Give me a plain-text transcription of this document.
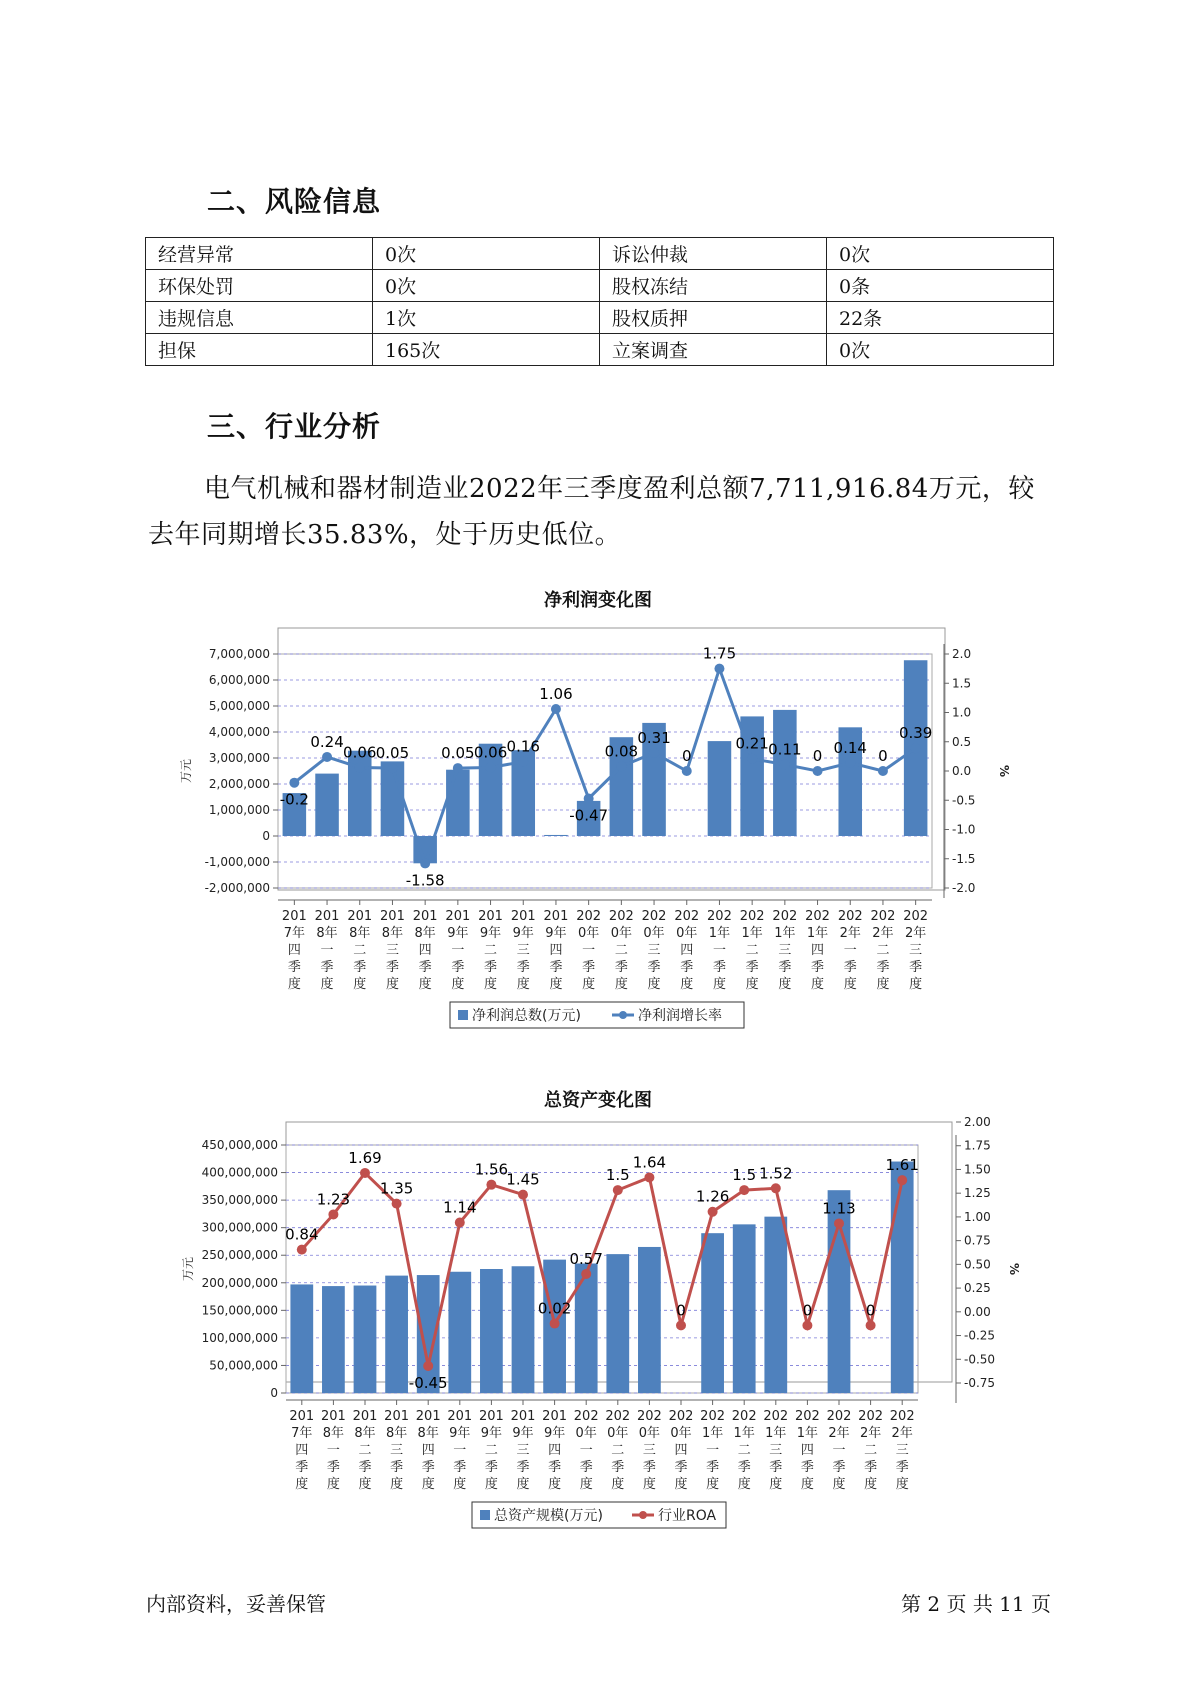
二、风险信息
经营异常	0次	诉讼仲裁	0次
环保处罚	0次	股权冻结	0条
违规信息	1次	股权质押	22条
担保	165次	立案调查	0次
三、行业分析
电气机械和器材制造业2022年三季度盈利总额7,711,916.84万元，较去年同期增长35.83%，处于历史低位。
净利润变化图
7,000,000
6,000,000
5,000,000
4,000,000
3,000,000
2,000,000
1,000,000
0
-1,000,000
-2,000,000
2.0
1.5
1.0
0.5
0.0
-0.5
-1.0
-1.5
-2.0
万元	%
201
7年
四
季
度
201
8年
一
季
度
201
8年
二
季
度
201
8年
三
季
度
201
8年
四
季
度
201
9年
一
季
度
201
9年
二
季
度
201
9年
三
季
度
201
9年
四
季
度
202
0年
一
季
度
202
0年
二
季
度
202
0年
三
季
度
202
0年
四
季
度
202
1年
一
季
度
202
1年
二
季
度
202
1年
三
季
度
202
1年
四
季
度
202
2年
一
季
度
202
2年
二
季
度
202
2年
三
季
度
-0.2
0.24
0.06 0.05
-1.58
0.05 0.06 0.16
1.06
-0.47
0.08
0.31
0
1.75
0.21 0.11 0 0.14 0
0.39
净利润总数(万元)	净利润增长率
总资产变化图
450,000,000
400,000,000
350,000,000
300,000,000
250,000,000
200,000,000
150,000,000
100,000,000
50,000,000
0
2.00
1.75
1.50
1.25
1.00
0.75
0.50
0.25
0.00
-0.25
-0.50
-0.75
万元	%
201
7年
四
季
度
201
8年
一
季
度
201
8年
二
季
度
201
8年
三
季
度
201
8年
四
季
度
201
9年
一
季
度
201
9年
二
季
度
201
9年
三
季
度
201
9年
四
季
度
202
0年
一
季
度
202
0年
二
季
度
202
0年
三
季
度
202
0年
四
季
度
202
1年
一
季
度
202
1年
二
季
度
202
1年
三
季
度
202
1年
四
季
度
202
2年
一
季
度
202
2年
二
季
度
202
2年
三
季
度
0.84
1.23
1.69
1.35
-0.45
1.14
1.56
1.45
0.02
0.57
1.5
1.64
0
1.26
1.5 1.52
0
1.13
0
1.61
总资产规模(万元)	行业ROA
内部资料，妥善保管	第 2 页 共 11 页
